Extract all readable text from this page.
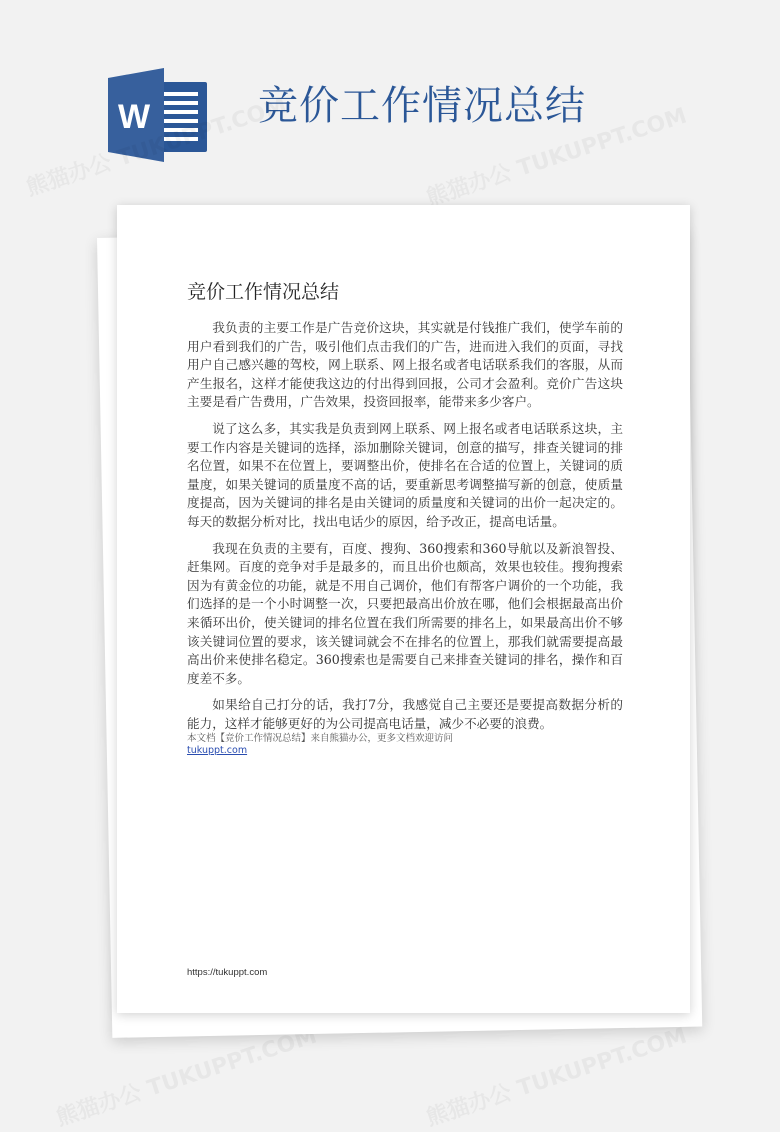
W	竞价工作情况总结
竞价工作情况总结

我负责的主要工作是广告竞价这块，其实就是付钱推广我们，使学车前的用户看到我们的广告，吸引他们点击我们的广告，进而进入我们的页面，寻找用户自己感兴趣的驾校，网上联系、网上报名或者电话联系我们的客服，从而产生报名，这样才能使我这边的付出得到回报，公司才会盈利。竞价广告这块主要是看广告费用，广告效果，投资回报率，能带来多少客户。

说了这么多，其实我是负责到网上联系、网上报名或者电话联系这块，主要工作内容是关键词的选择，添加删除关键词，创意的描写，排查关键词的排名位置，如果不在位置上，要调整出价，使排名在合适的位置上，关键词的质量度，如果关键词的质量度不高的话，要重新思考调整描写新的创意，使质量度提高，因为关键词的排名是由关键词的质量度和关键词的出价一起决定的。每天的数据分析对比，找出电话少的原因，给予改正，提高电话量。

我现在负责的主要有，百度、搜狗、360搜索和360导航以及新浪智投、赶集网。百度的竞争对手是最多的，而且出价也颇高，效果也较佳。搜狗搜索因为有黄金位的功能，就是不用自己调价，他们有帮客户调价的一个功能，我们选择的是一个小时调整一次，只要把最高出价放在哪，他们会根据最高出价来循环出价，使关键词的排名位置在我们所需要的排名上，如果最高出价不够该关键词位置的要求，该关键词就会不在排名的位置上，那我们就需要提高最高出价来使排名稳定。360搜索也是需要自己来排查关键词的排名，操作和百度差不多。

如果给自己打分的话，我打7分，我感觉自己主要还是要提高数据分析的能力，这样才能够更好的为公司提高电话量，减少不必要的浪费。

本文档【竞价工作情况总结】来自熊猫办公，更多文档欢迎访问
tukuppt.com
https://tukuppt.com
